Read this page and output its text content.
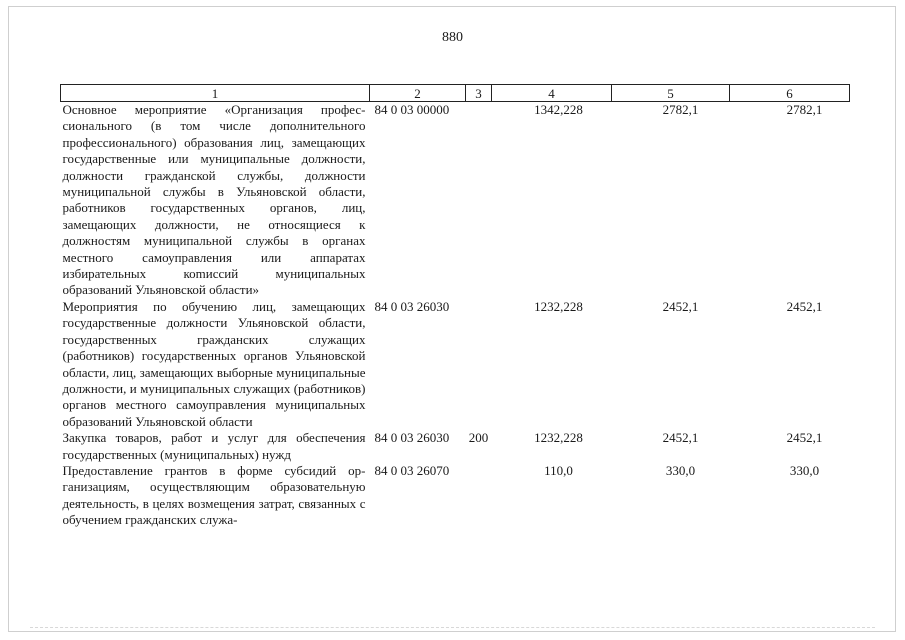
880
1	2	3	4	5	6
Основное мероприятие «Организация профессионального (в том числе дополнительного профессионального) образования лиц, замещающих государственные или муниципальные должности, должности гражданской службы, должности муниципальной службы в Ульяновской области, работников государственных органов, лиц, замещающих должности, не относящиеся к должностям муниципальной службы в органах местного самоуправления или аппаратах избирательных коmиссий муниципальных образований Ульяновской области»	84 0 03 00000		1342,228	2782,1	2782,1
Мероприятия по обучению лиц, замещающих государственные должности Ульяновской области, государственных гражданских служащих (работников) государственных органов Ульяновской области, лиц, замещающих выборные муниципальные должности, и муниципальных служащих (работников) органов местного самоуправления муниципальных образований Ульяновской области	84 0 03 26030		1232,228	2452,1	2452,1
Закупка товаров, работ и услуг для обеспечения государственных (муниципальных) нужд	84 0 03 26030	200	1232,228	2452,1	2452,1
Предоставление грантов в форме субсидий организациям, осуществляющим образовательную деятельность, в целях возмещения затрат, связанных с обучением гражданских служа-	84 0 03 26070		110,0	330,0	330,0
